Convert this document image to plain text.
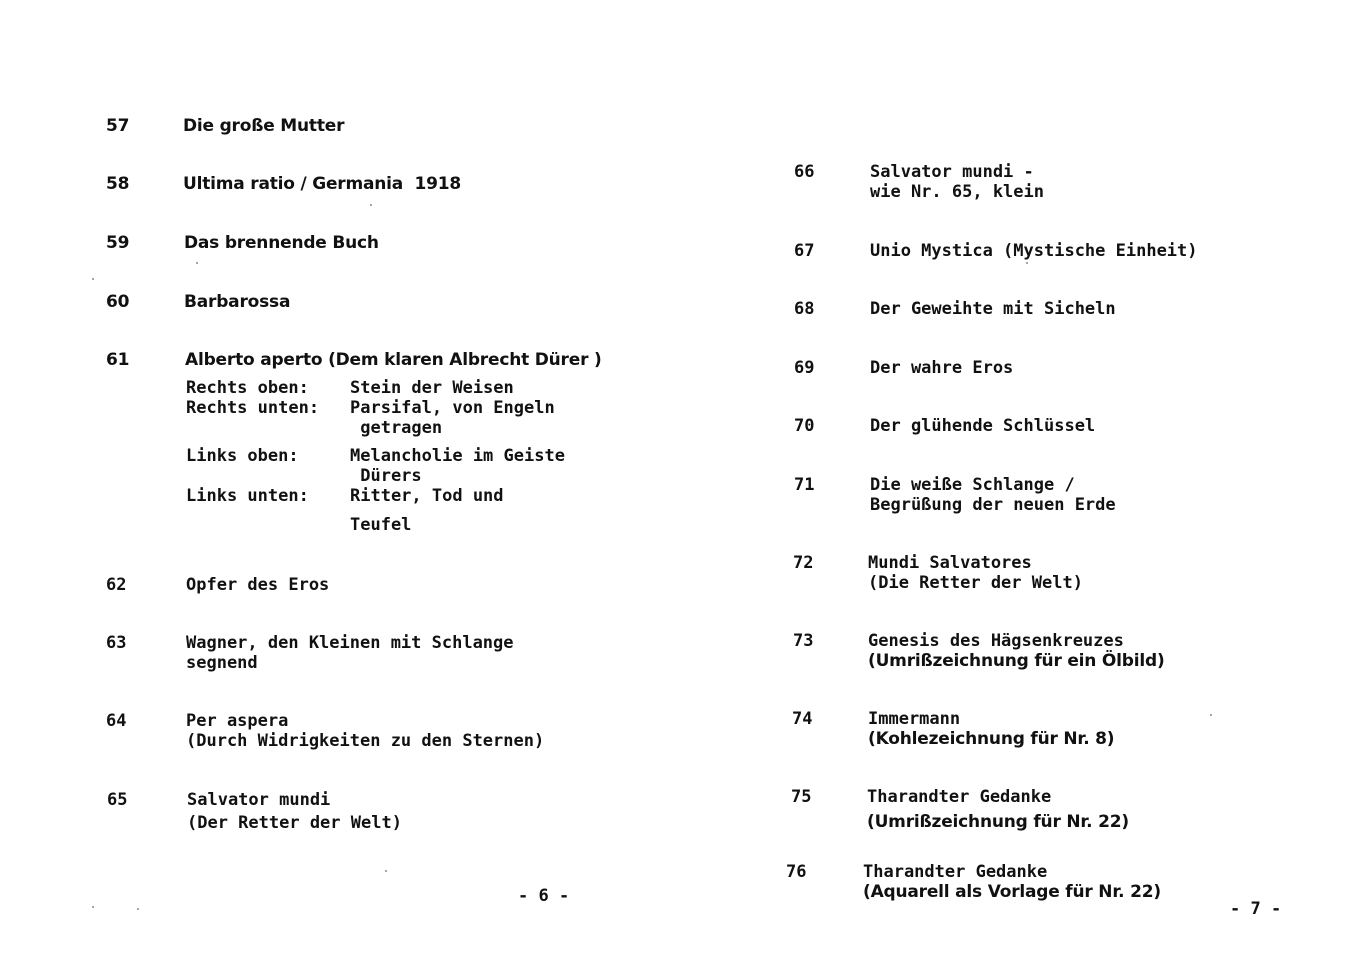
57	Die große Mutter
58	Ultima ratio / Germania  1918
59	Das brennende Buch
60	Barbarossa
61	Alberto aperto (Dem klaren Albrecht Dürer )
Rechts oben: Stein der Weisen
Rechts unten: Parsifal, von Engeln
getragen
Links oben:	Melancholie im Geiste
Dürers
Links unten: Ritter, Tod und
Teufel
62	Opfer des Eros
63	Wagner, den Kleinen mit Schlange
segnend
64	Per aspera
(Durch Widrigkeiten zu den Sternen)
65	Salvator mundi
(Der Retter der Welt)
- 6 -
66	Salvator mundi -
wie Nr. 65, klein
67	Unio Mystica (Mystische Einheit)
68	Der Geweihte mit Sicheln
69	Der wahre Eros
70	Der glühende Schlüssel
71	Die weiße Schlange /
Begrüßung der neuen Erde
72	Mundi Salvatores
(Die Retter der Welt)
73	Genesis des Hägsenkreuzes
(Umrißzeichnung für ein Ölbild)
74	Immermann
(Kohlezeichnung für Nr. 8)
75	Tharandter Gedanke
(Umrißzeichnung für Nr. 22)
76	Tharandter Gedanke
(Aquarell als Vorlage für Nr. 22)
- 7 -
